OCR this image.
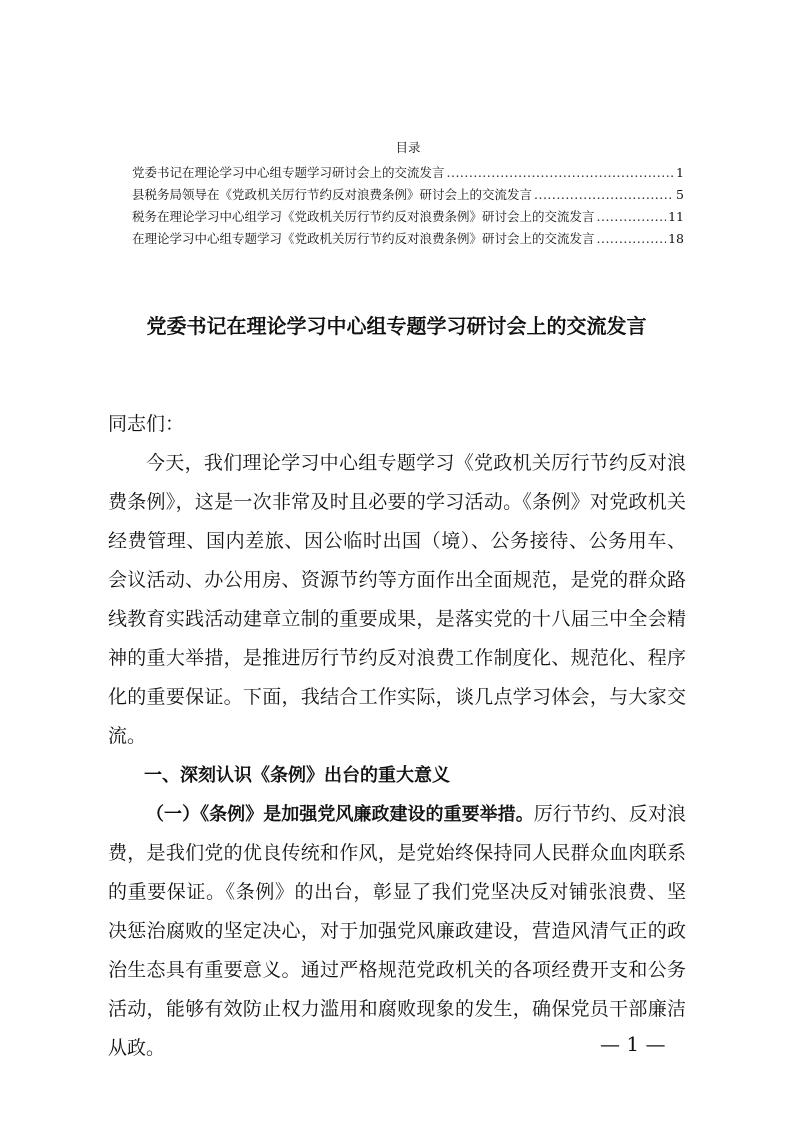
目录
党委书记在理论学习中心组专题学习研讨会上的交流发言 .....	1
县税务局领导在《党政机关厉行节约反对浪费条例》研讨会上的交流发言 .....	5
税务在理论学习中心组学习《党政机关厉行节约反对浪费条例》研讨会上的交流发言 .....	11
在理论学习中心组专题学习《党政机关厉行节约反对浪费条例》研讨会上的交流发言 .....	18
党委书记在理论学习中心组专题学习研讨会上的交流发言

同志们：

今天，我们理论学习中心组专题学习《党政机关厉行节约反对浪费条例》，这是一次非常及时且必要的学习活动。《条例》对党政机关经费管理、国内差旅、因公临时出国（境）、公务接待、公务用车、会议活动、办公用房、资源节约等方面作出全面规范，是党的群众路线教育实践活动建章立制的重要成果，是落实党的十八届三中全会精神的重大举措，是推进厉行节约反对浪费工作制度化、规范化、程序化的重要保证。下面，我结合工作实际，谈几点学习体会，与大家交流。

一、深刻认识《条例》出台的重大意义

（一）《条例》是加强党风廉政建设的重要举措。厉行节约、反对浪费，是我们党的优良传统和作风，是党始终保持同人民群众血肉联系的重要保证。《条例》的出台，彰显了我们党坚决反对铺张浪费、坚决惩治腐败的坚定决心，对于加强党风廉政建设，营造风清气正的政治生态具有重要意义。通过严格规范党政机关的各项经费开支和公务活动，能够有效防止权力滥用和腐败现象的发生，确保党员干部廉洁从政。	— 1 —
